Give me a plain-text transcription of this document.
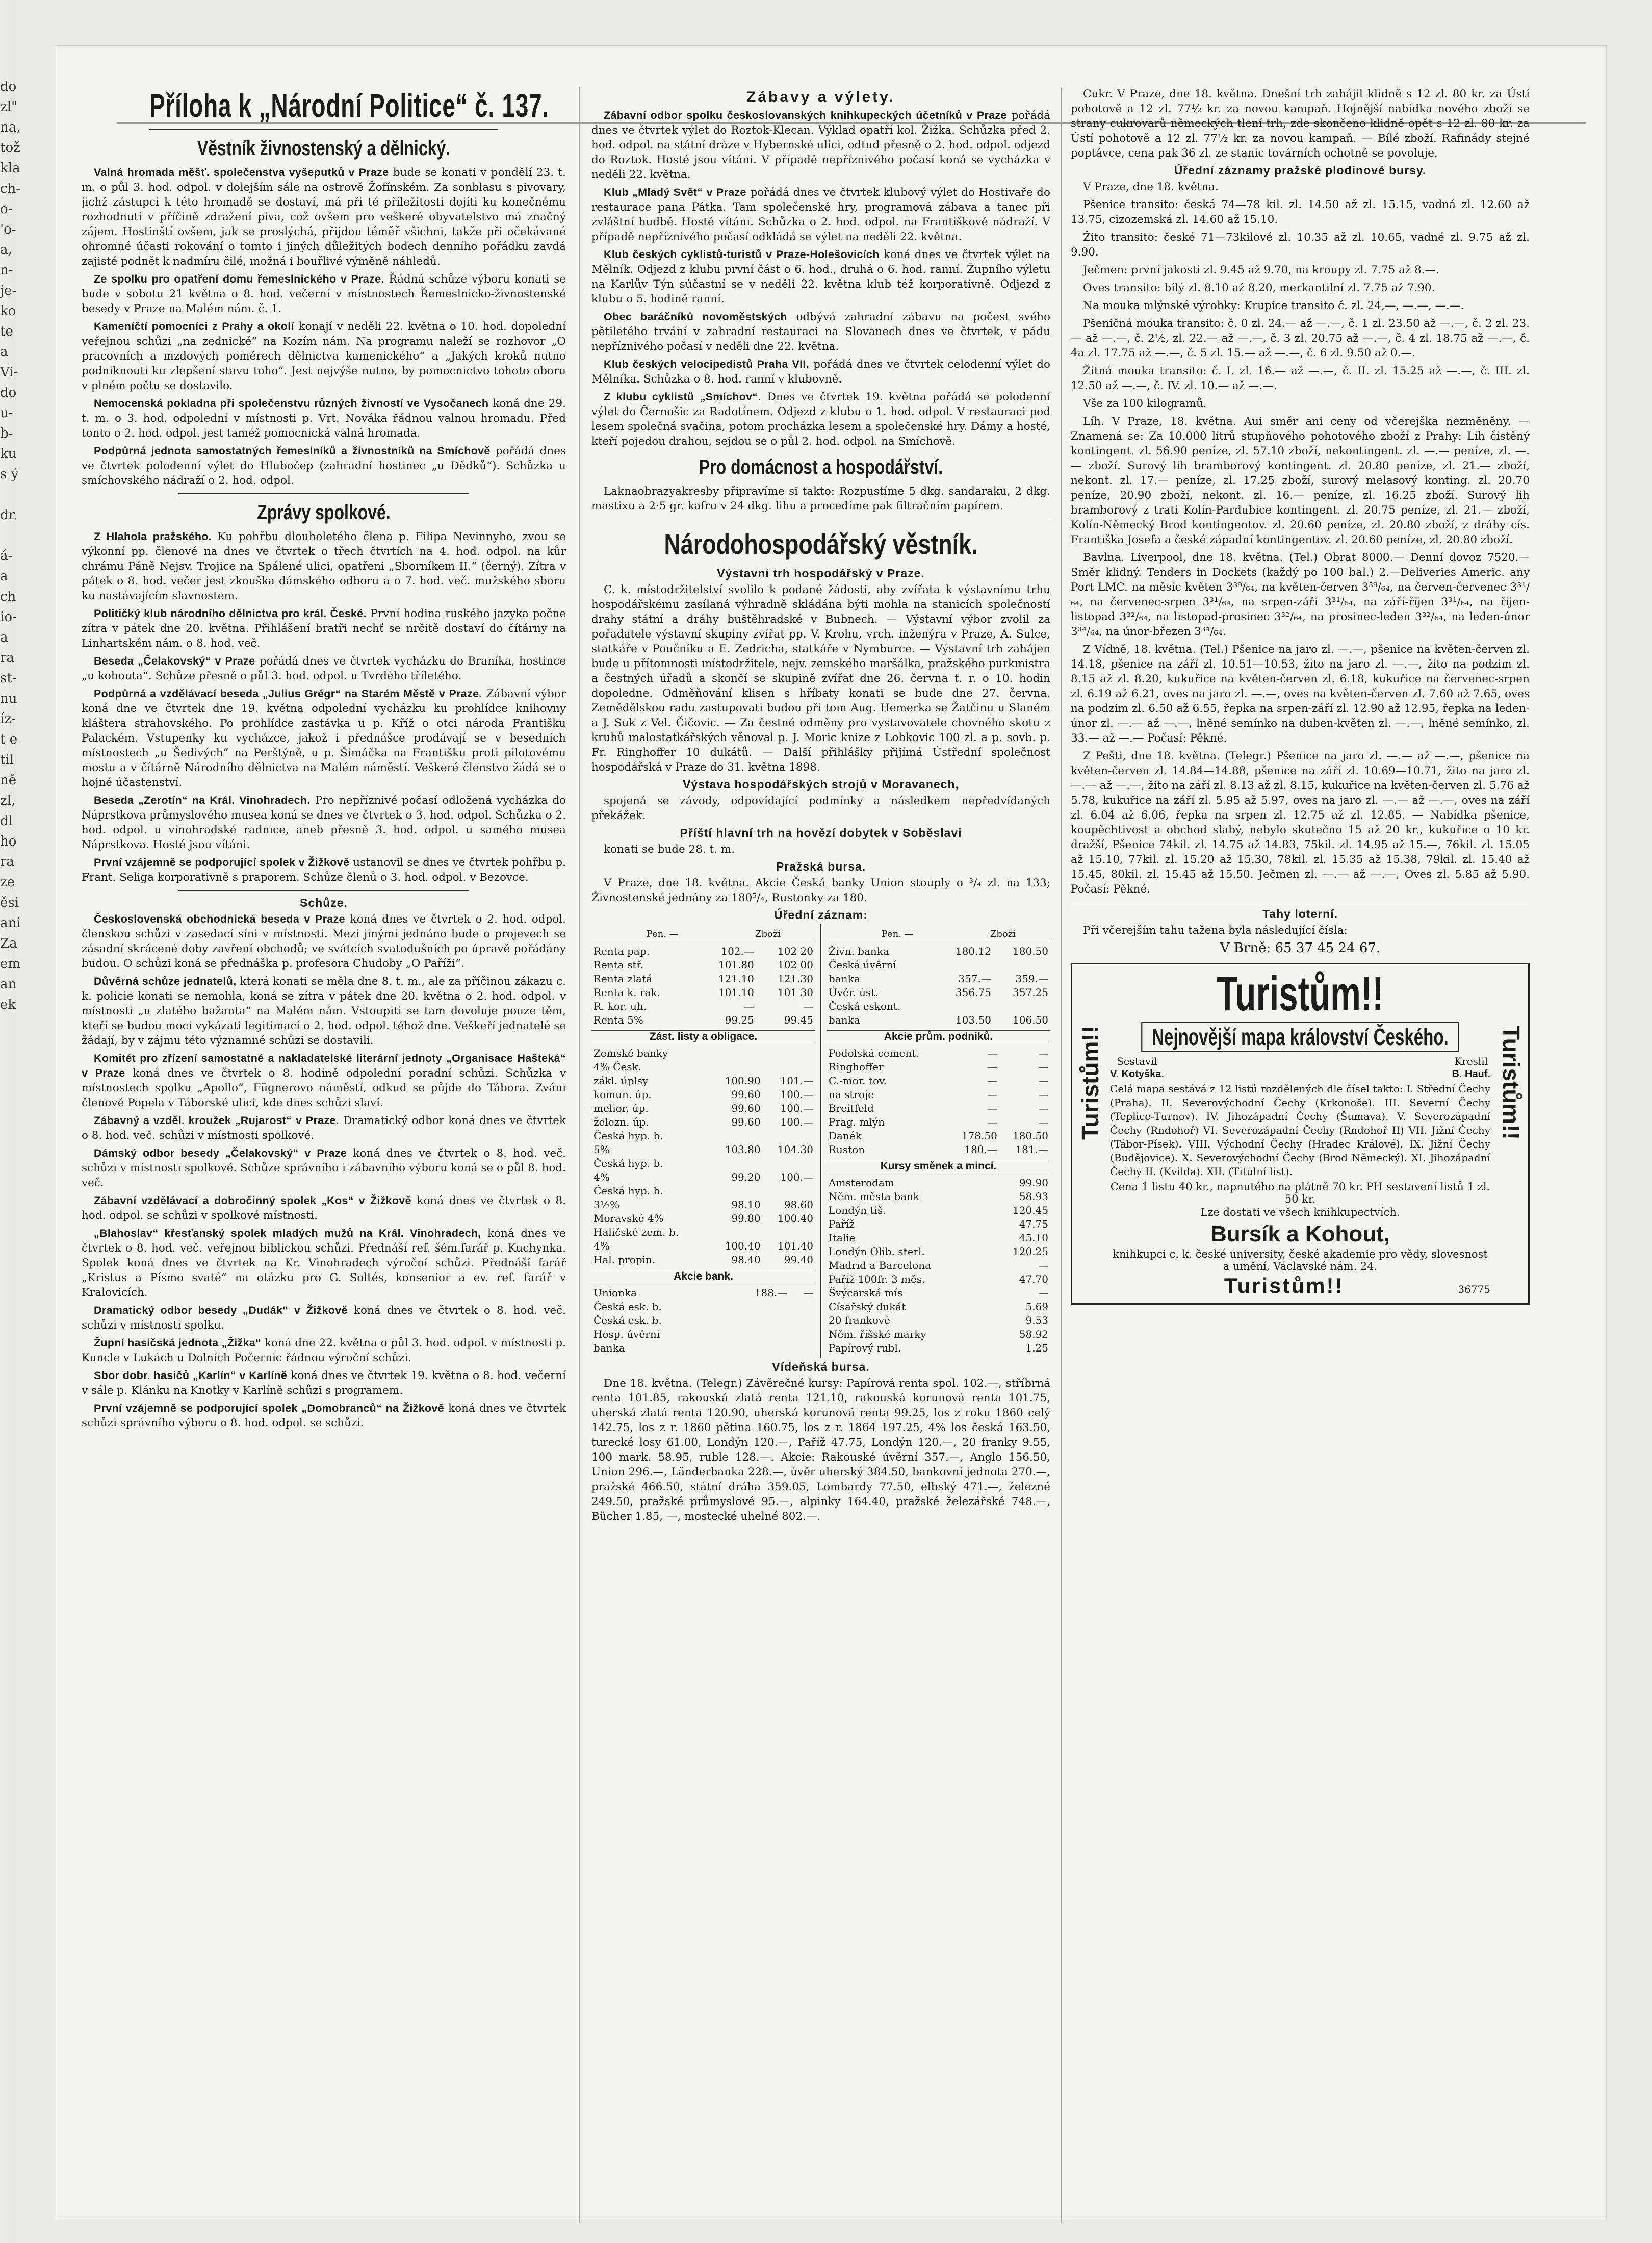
do
zl"
na,
tož
kla
ch-
o-
'o-
a,
n-
je-
ko
te
a
Vi-
do
u-
b-
ku
s ý

dr.

á-
a
ch
io-
a
ra
st-
nu
íz-
t e
til
ně
zl,
dl
ho
ra
ze
ěsi
ani
Za
em
an
ek
Příloha k „Národní Politice“ č. 137.
Věstník živnostenský a dělnický.

Valná hromada měšť. společenstva vyšeputků v Praze bude se konati v pondělí 23. t. m. o půl 3. hod. odpol. v dolejším sále na ostrově Žofínském. Za sonblasu s pivovary, jichž zástupci k této hromadě se dostaví, má při té příležitosti dojíti ku konečnému rozhodnutí v příčině zdražení piva, což ovšem pro veškeré obyvatelstvo má značný zájem. Hostinští ovšem, jak se proslýchá, přijdou téměř všichni, takže při očekávané ohromné účasti rokování o tomto i jiných důležitých bodech denního pořádku zavdá zajisté podnět k nadmíru čilé, možná i bouřlivé výměně náhledů.

Ze spolku pro opatření domu řemeslnického v Praze. Řádná schůze výboru konati se bude v sobotu 21 května o 8. hod. večerní v místnostech Řemeslnicko-živnostenské besedy v Praze na Malém nám. č. 1.

Kameníčtí pomocníci z Prahy a okolí konají v neděli 22. května o 10. hod. dopolední veřejnou schůzi „na zednické“ na Kozím nám. Na programu naleží se rozhovor „O pracovních a mzdových poměrech dělnictva kamenického“ a „Jakých kroků nutno podniknouti ku zlepšení stavu toho“. Jest nejvýše nutno, by pomocnictvo tohoto oboru v plném počtu se dostavilo.

Nemocenská pokladna při společenstvu různých živností ve Vysočanech koná dne 29. t. m. o 3. hod. odpolední v místnosti p. Vrt. Nováka řádnou valnou hromadu. Před tonto o 2. hod. odpol. jest taméž pomocnická valná hromada.

Podpůrná jednota samostatných řemeslníků a živnostníků na Smíchově pořádá dnes ve čtvrtek polodenní výlet do Hlubočep (zahradní hostinec „u Dědků“). Schůzka u smíchovského nádraží o 2. hod. odpol.

Zprávy spolkové.

Z Hlahola pražského. Ku pohřbu dlouholetého člena p. Filipa Nevinnyho, zvou se výkonní pp. členové na dnes ve čtvrtek o třech čtvrtích na 4. hod. odpol. na kůr chrámu Páně Nejsv. Trojice na Spálené ulici, opatřeni „Sborníkem II.“ (černý). Zítra v pátek o 8. hod. večer jest zkouška dámského odboru a o 7. hod. več. mužského sboru ku nastávajícím slavnostem.

Političký klub národního dělnictva pro král. České. První hodina ruského jazyka počne zítra v pátek dne 20. května. Přihlášení bratři nechť se nrčitě dostaví do čítárny na Linhartském nám. o 8. hod. več.

Beseda „Čelakovský“ v Praze pořádá dnes ve čtvrtek vycházku do Braníka, hostince „u kohouta“. Schůze přesně o půl 3. hod. odpol. u Tvrdého tříletého.

Podpůrná a vzdělávací beseda „Julius Grégr“ na Starém Městě v Praze. Zábavní výbor koná dne ve čtvrtek dne 19. května odpolední vycházku ku prohlídce knihovny kláštera strahovského. Po prohlídce zastávka u p. Kříž o otci národa Františku Palackém. Vstupenky ku vycházce, jakož i přednášce prodávají se v besedních místnostech „u Šedivých“ na Perštýně, u p. Šimáčka na Františku proti pilotovému mostu a v čítárně Národního dělnictva na Malém náměstí. Veškeré členstvo žádá se o hojné účastenství.

Beseda „Zerotín“ na Král. Vinohradech. Pro nepříznivé počasí odložená vycházka do Náprstkova průmyslového musea koná se dnes ve čtvrtek o 3. hod. odpol. Schůzka o 2. hod. odpol. u vinohradské radnice, aneb přesně 3. hod. odpol. u samého musea Náprstkova. Hosté jsou vítáni.

První vzájemně se podporující spolek v Žižkově ustanovil se dnes ve čtvrtek pohřbu p. Frant. Seliga korporativně s praporem. Schůze členů o 3. hod. odpol. v Bezovce.

Schůze.

Československá obchodnická beseda v Praze koná dnes ve čtvrtek o 2. hod. odpol. členskou schůzi v zasedací síni v místnosti. Mezi jinými jednáno bude o projevech se zásadní skrácené doby zavření obchodů; ve svátcích svatodušních po úpravě pořádány budou. O schůzi koná se přednáška p. profesora Chudoby „O Paříži“.

Důvěrná schůze jednatelů, která konati se měla dne 8. t. m., ale za příčinou zákazu c. k. policie konati se nemohla, koná se zítra v pátek dne 20. května o 2. hod. odpol. v místnosti „u zlatého bažanta“ na Malém nám. Vstoupiti se tam dovoluje pouze těm, kteří se budou moci vykázati legitimací o 2. hod. odpol. téhož dne. Veškeří jednatelé se žádají, by v zájmu této významné schůzi se dostavili.

Komitét pro zřízení samostatné a nakladatelské literární jednoty „Organisace Hašteká“ v Praze koná dnes ve čtvrtek o 8. hodině odpolední poradní schůzi. Schůzka v místnostech spolku „Apollo“, Fügnerovo náměstí, odkud se půjde do Tábora. Zváni členové Popela v Táborské ulici, kde dnes schůzi slaví.

Zábavný a vzděl. kroužek „Rujarost“ v Praze. Dramatický odbor koná dnes ve čtvrtek o 8. hod. več. schůzi v místnosti spolkové.

Dámský odbor besedy „Čelakovský“ v Praze koná dnes ve čtvrtek o 8. hod. več. schůzi v místnosti spolkové. Schůze správního i zábavního výboru koná se o půl 8. hod. več.

Zábavní vzdělávací a dobročinný spolek „Kos“ v Žižkově koná dnes ve čtvrtek o 8. hod. odpol. se schůzi v spolkové místnosti.

„Blahoslav“ křesťanský spolek mladých mužů na Král. Vinohradech, koná dnes ve čtvrtek o 8. hod. več. veřejnou biblickou schůzi. Přednáší ref. šém.farář p. Kuchynka. Spolek koná dnes ve čtvrtek na Kr. Vinohradech výroční schůzi. Přednáší farář „Kristus a Písmo svaté“ na otázku pro G. Soltés, konsenior a ev. ref. farář v Kralovicích.

Dramatický odbor besedy „Dudák“ v Žižkově koná dnes ve čtvrtek o 8. hod. več. schůzi v místnosti spolku.

Župní hasičská jednota „Žižka“ koná dne 22. května o půl 3. hod. odpol. v místnosti p. Kuncle v Lukách u Dolních Počernic řádnou výroční schůzi.

Sbor dobr. hasičů „Karlín“ v Karlíně koná dnes ve čtvrtek 19. května o 8. hod. večerní v sále p. Klánku na Knotky v Karlíně schůzi s programem.

První vzájemně se podporující spolek „Domobranců“ na Žižkově koná dnes ve čtvrtek schůzi správního výboru o 8. hod. odpol. se schůzi.

Zábavy a výlety.

Zábavní odbor spolku českoslovanských knihkupeckých účetníků v Praze pořádá dnes ve čtvrtek výlet do Roztok-Klecan. Výklad opatří kol. Žižka. Schůzka před 2. hod. odpol. na státní dráze v Hybernské ulici, odtud přesně o 2. hod. odpol. odjezd do Roztok. Hosté jsou vítáni. V případě nepříznivého počasí koná se vycházka v neděli 22. května.

Klub „Mladý Svět“ v Praze pořádá dnes ve čtvrtek klubový výlet do Hostivaře do restaurace pana Pátka. Tam společenské hry, programová zábava a tanec při zvláštní hudbě. Hosté vítáni. Schůzka o 2. hod. odpol. na Františkově nádraží. V případě nepříznivého počasí odkládá se výlet na neděli 22. května.

Klub českých cyklistů-turistů v Praze-Holešovicích koná dnes ve čtvrtek výlet na Mělník. Odjezd z klubu první část o 6. hod., druhá o 6. hod. ranní. Župního výletu na Karlův Týn súčastní se v neděli 22. května klub též korporativně. Odjezd z klubu o 5. hodině ranní.

Obec baráčníků novoměstských odbývá zahradní zábavu na počest svého pětiletého trvání v zahradní restauraci na Slovanech dnes ve čtvrtek, v pádu nepříznivého počasí v neděli dne 22. května.

Klub českých velocipedistů Praha VII. pořádá dnes ve čtvrtek celodenní výlet do Mělníka. Schůzka o 8. hod. ranní v klubovně.

Z klubu cyklistů „Smíchov“. Dnes ve čtvrtek 19. května pořádá se polodenní výlet do Černošic za Radotínem. Odjezd z klubu o 1. hod. odpol. V restauraci pod lesem společná svačina, potom procházka lesem a společenské hry. Dámy a hosté, kteří pojedou drahou, sejdou se o půl 2. hod. odpol. na Smíchově.

Pro domácnost a hospodářství.

Laknaobrazyakresby připravíme si takto: Rozpustíme 5 dkg. sandaraku, 2 dkg. mastixu a 2·5 gr. kafru v 24 dkg. lihu a procedíme pak filtračním papírem.

Národohospodářský věstník.
Výstavní trh hospodářský v Praze.

C. k. místodržitelství svolilo k podané žádosti, aby zvířata k výstavnímu trhu hospodářskému zasílaná výhradně skládána býti mohla na stanicích společností drahy státní a dráhy buštěhradské v Bubnech. — Výstavní výbor zvolil za pořadatele výstavní skupiny zvířat pp. V. Krohu, vrch. inženýra v Praze, A. Sulce, statkáře v Poučníku a E. Zedricha, statkáře v Nymburce. — Výstavní trh zahájen bude u přítomnosti místodržitele, nejv. zemského maršálka, pražského purkmistra a čestných úřadů a skončí se skupině zvířat dne 26. června t. r. o 10. hodin dopoledne. Odměňování klisen s hříbaty konati se bude dne 27. června. Zemědělskou radu zastupovati budou při tom Aug. Hemerka se Žatčinu u Slaném a J. Suk z Vel. Čičovic. — Za čestné odměny pro vystavovatele chovného skotu z kruhů malostatkářských věnoval p. J. Moric knize z Lobkovic 100 zl. a p. sovb. p. Fr. Ringhoffer 10 dukátů. — Další přihlášky přijímá Ústřední společnost hospodářská v Praze do 31. května 1898.

Výstava hospodářských strojů v Moravanech,

spojená se závody, odpovídající podmínky a následkem nepředvídaných překážek.

Příští hlavní trh na hovězí dobytek v Soběslavi

konati se bude 28. t. m.

Pražská bursa.

V Praze, dne 18. května. Akcie Česká banky Union stouply o ³/₄ zl. na 133; Živnostenské jednány za 180⁵/₄, Rustonky za 180.

Úřední záznam:
	Pen. —	Zboží
Renta pap.	102.—	102 20
Renta stř.	101.80	102 00
Renta zlatá	121.10	121.30
Renta k. rak.	101.10	101 30
R. kor. uh.	—	—
Renta 5%	99.25	99.45
Zást. listy a obligace.
Zemské banky		
4% Česk.		
zákl. úplsy	100.90	101.—
komun. úp.	99.60	100.—
melior. úp.	99.60	100.—
železn. úp.	99.60	100.—
Česká hyp. b.		
5%	103.80	104.30
Česká hyp. b.		
4%	99.20	100.—
Česká hyp. b.		
3½%	98.10	98.60
Moravské 4%	99.80	100.40
Haličské zem. b.		
4%	100.40	101.40
Hal. propin.	98.40	99.40
Akcie bank.
Unionka	188.—	—
Česká esk. b.		
Česká esk. b.		
Hosp. úvěrní		
banka		
	Pen. —	Zboží
Živn. banka	180.12	180.50
Česká úvěrní		
banka	357.—	359.—
Úvěr. úst.	356.75	357.25
Česká eskont.		
banka	103.50	106.50
Akcie prům. podniků.
Podolská cement.	—	—
Ringhoffer	—	—
C.-mor. tov.	—	—
na stroje	—	—
Breitfeld	—	—
Prag. mlýn	—	—
Danék	178.50	180.50
Ruston	180.—	181.—
Kursy směnek a mincí.
Amsterodam		99.90
Něm. města bank		58.93
Londýn tiš.		120.45
Paříž		47.75
Italie		45.10
Londýn Olib. sterl.		120.25
Madrid a Barcelona		—
Paříž 100fr. 3 měs.		47.70
Švýcarská mís		—
Císařský dukát		5.69
20 frankové		9.53
Něm. říšské marky		58.92
Papírový rubl.		1.25
Vídeňská bursa.

Dne 18. května. (Telegr.) Závěrečné kursy: Papírová renta spol. 102.—, stříbrná renta 101.85, rakouská zlatá renta 121.10, rakouská korunová renta 101.75, uherská zlatá renta 120.90, uherská korunová renta 99.25, los z roku 1860 celý 142.75, los z r. 1860 pětina 160.75, los z r. 1864 197.25, 4% los česká 163.50, turecké losy 61.00, Londýn 120.—, Paříž 47.75, Londýn 120.—, 20 franky 9.55, 100 mark. 58.95, ruble 128.—. Akcie: Rakouské úvěrní 357.—, Anglo 156.50, Union 296.—, Länderbanka 228.—, úvěr uherský 384.50, bankovní jednota 270.—, pražské 466.50, státní dráha 359.05, Lombardy 77.50, elbský 471.—, železné 249.50, pražské průmyslové 95.—, alpinky 164.40, pražské železářské 748.—, Bücher 1.85, —, mostecké uhelné 802.—.

Cukr. V Praze, dne 18. května. Dnešní trh zahájil klidně s 12 zl. 80 kr. za Ústí pohotově a 12 zl. 77½ kr. za novou kampaň. Hojnější nabídka nového zboží se strany cukrovarů německých tlení trh, zde skončeno klidně opět s 12 zl. 80 kr. za Ústí pohotově a 12 zl. 77½ kr. za novou kampaň. — Bílé zboží. Rafinády stejné poptávce, cena pak 36 zl. ze stanic továrních ochotně se povoluje.

Úřední záznamy pražské plodinové bursy.

V Praze, dne 18. května.

Pšenice transito: česká 74—78 kil. zl. 14.50 až zl. 15.15, vadná zl. 12.60 až 13.75, cizozemská zl. 14.60 až 15.10.

Žito transito: české 71—73kilové zl. 10.35 až zl. 10.65, vadné zl. 9.75 až zl. 9.90.

Ječmen: první jakosti zl. 9.45 až 9.70, na kroupy zl. 7.75 až 8.—.

Oves transito: bílý zl. 8.10 až 8.20, merkantilní zl. 7.75 až 7.90.

Na mouka mlýnské výrobky: Krupice transito č. zl. 24,—, —.—, —.—.

Pšeničná mouka transito: č. 0 zl. 24.— až —.—, č. 1 zl. 23.50 až —.—, č. 2 zl. 23.— až —.—, č. 2½, zl. 22.— až —.—, č. 3 zl. 20.75 až —.—, č. 4 zl. 18.75 až —.—, č. 4a zl. 17.75 až —.—, č. 5 zl. 15.— až —.—, č. 6 zl. 9.50 až 0.—.

Žitná mouka transito: č. I. zl. 16.— až —.—, č. II. zl. 15.25 až —.—, č. III. zl. 12.50 až —.—, č. IV. zl. 10.— až —.—.

Vše za 100 kilogramů.

Líh. V Praze, 18. května. Aui směr ani ceny od včerejška nezměněny. — Znamená se: Za 10.000 litrů stupňového pohotového zboží z Prahy: Lih čistěný kontingent. zl. 56.90 peníze, zl. 57.10 zboží, nekontingent. zl. —.— peníze, zl. —.— zboží. Surový lih bramborový kontingent. zl. 20.80 peníze, zl. 21.— zboží, nekont. zl. 17.— peníze, zl. 17.25 zboží, surový melasový konting. zl. 20.70 peníze, 20.90 zboží, nekont. zl. 16.— peníze, zl. 16.25 zboží. Surový lih bramborový z trati Kolín-Pardubice kontingent. zl. 20.75 peníze, zl. 21.— zboží, Kolín-Německý Brod kontingentov. zl. 20.60 peníze, zl. 20.80 zboží, z dráhy cís. Františka Josefa a české západní kontingentov. zl. 20.60 peníze, zl. 20.80 zboží.

Bavlna. Liverpool, dne 18. května. (Tel.) Obrat 8000.— Denní dovoz 7520.— Směr klidný. Tenders in Dockets (každý po 100 bal.) 2.—Deliveries Americ. any Port LMC. na měsíc květen 3³⁹/₆₄, na květen-červen 3³⁹/₆₄, na červen-červenec 3³¹/₆₄, na červenec-srpen 3³¹/₆₄, na srpen-září 3³¹/₆₄, na září-říjen 3³¹/₆₄, na říjen-listopad 3³²/₆₄, na listopad-prosinec 3³²/₆₄, na prosinec-leden 3³²/₆₄, na leden-únor 3³⁴/₆₄, na únor-březen 3³⁴/₆₄.

Z Vídně, 18. května. (Tel.) Pšenice na jaro zl. —.—, pšenice na květen-červen zl. 14.18, pšenice na září zl. 10.51—10.53, žito na jaro zl. —.—, žito na podzim zl. 8.15 až zl. 8.20, kukuřice na květen-červen zl. 6.18, kukuřice na červenec-srpen zl. 6.19 až 6.21, oves na jaro zl. —.—, oves na květen-červen zl. 7.60 až 7.65, oves na podzim zl. 6.50 až 6.55, řepka na srpen-září zl. 12.90 až 12.95, řepka na leden-únor zl. —.— až —.—, lněné semínko na duben-květen zl. —.—, lněné semínko, zl. 33.— až —.— Počasí: Pěkné.

Z Pešti, dne 18. května. (Telegr.) Pšenice na jaro zl. —.— až —.—, pšenice na květen-červen zl. 14.84—14.88, pšenice na září zl. 10.69—10.71, žito na jaro zl. —.— až —.—, žito na září zl. 8.13 až zl. 8.15, kukuřice na květen-červen zl. 5.76 až 5.78, kukuřice na září zl. 5.95 až 5.97, oves na jaro zl. —.— až —.—, oves na září zl. 6.04 až 6.06, řepka na srpen zl. 12.75 až zl. 12.85. — Nabídka pšenice, koupěchtivost a obchod slabý, nebylo skutečno 15 až 20 kr., kukuřice o 10 kr. dražší, Pšenice 74kil. zl. 14.75 až 14.83, 75kil. zl. 14.95 až 15.—, 76kil. zl. 15.05 až 15.10, 77kil. zl. 15.20 až 15.30, 78kil. zl. 15.35 až 15.38, 79kil. zl. 15.40 až 15.45, 80kil. zl. 15.45 až 15.50. Ječmen zl. —.— až —.—, Oves zl. 5.85 až 5.90. Počasí: Pěkné.

Tahy loterní.

Při včerejším tahu tažena byla následující čísla:

V Brně: 65 37 45 24 67.

Turistům!!
Nejnovější mapa království Českého.
Turistům!!	Turistům!!
Sestavil
V. Kotyška.
Kreslil
B. Hauf.
Celá mapa sestává z 12 listů rozdělených dle čísel takto: I. Střední Čechy (Praha). II. Severovýchodní Čechy (Krkonoše). III. Severní Čechy (Teplice-Turnov). IV. Jihozápadní Čechy (Šumava). V. Severozápadní Čechy (Rndohoř) VI. Severozápadní Čechy (Rndohoř II) VII. Jižní Čechy (Tábor-Písek). VIII. Východní Čechy (Hradec Králové). IX. Jižní Čechy (Budějovice). X. Severovýchodní Čechy (Brod Německý). XI. Jihozápadní Čechy II. (Kvilda). XII. (Titulní list).
Cena 1 listu 40 kr., napnutého na plátně 70 kr. PH sestavení listů 1 zl. 50 kr.
Lze dostati ve všech knihkupectvích.
Bursík a Kohout,
knihkupci c. k. české university, české akademie pro vědy, slovesnost a umění, Václavské nám. 24.
Turistům!!	36775
